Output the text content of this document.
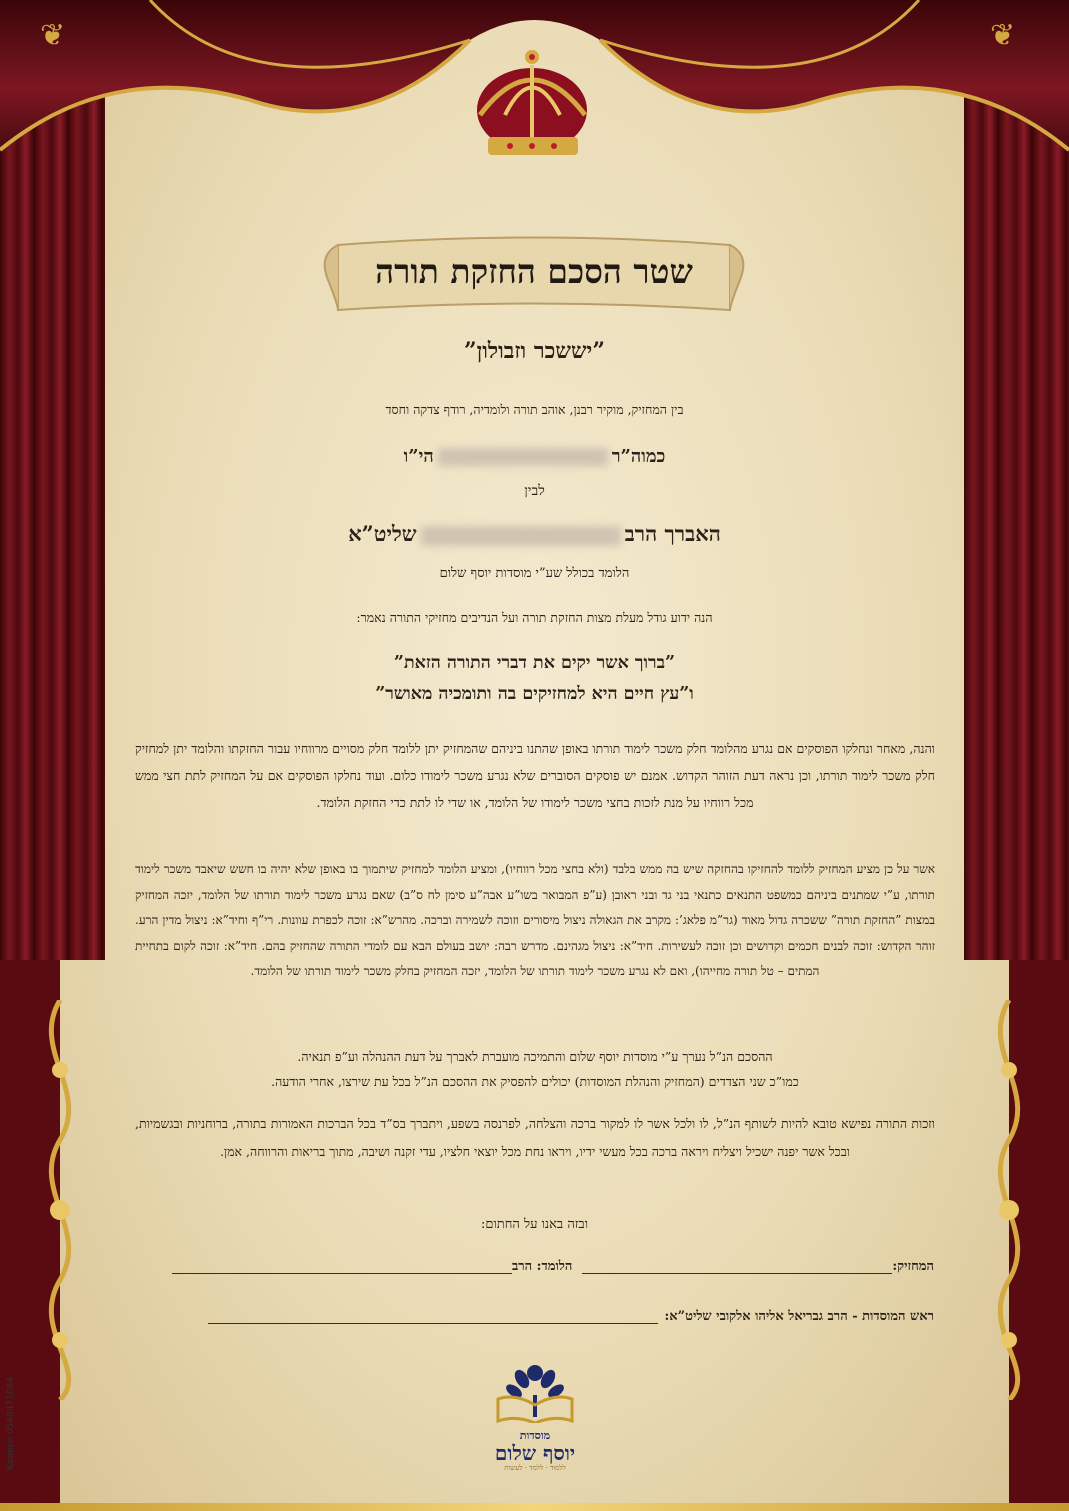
❦	❦
שטר הסכם החזקת תורה
”יששכר וזבולון”
בין המחזיק, מוקיר רבנן, אוהב תורה ולומדיה, רודף צדקה וחסד
כמוה”רהי”ו
לבין
האברך הרבשליט”א
הלומד בכולל שע”י מוסדות יוסף שלום
הנה ידוע גודל מעלת מצות החזקת תורה ועל הנדיבים מחזיקי התורה נאמר:
”ברוך אשר יקים את דברי התורה הזאת”
ו”עץ חיים היא למחזיקים בה ותומכיה מאושר”
והנה, מאחר ונחלקו הפוסקים אם נגרע מהלומד חלק משכר לימוד תורתו באופן שהתנו ביניהם שהמחזיק יתן ללומד חלק מסויים מרווחיו עבור החזקתו והלומד יתן למחזיק חלק משכר לימוד תורתו, וכן נראה דעת הזוהר הקדוש. אמנם יש פוסקים הסוברים שלא נגרע משכר לימודו כלום. ועוד נחלקו הפוסקים אם על המחזיק לתת חצי ממש מכל רווחיו על מנת לזכות בחצי משכר לימודו של הלומד, או שדי לו לתת כדי החזקת הלומד.
אשר על כן מציע המחזיק ללומד להחזיקו בהחזקה שיש בה ממש בלבד (ולא בחצי מכל רווחיו), ומציע הלומד למחזיק שיתמוך בו באופן שלא יהיה בו חשש שיאבד משכר לימוד תורתו, ע”י שמתנים ביניהם כמשפט התנאים כתנאי בני גד ובני ראובן (ע”פ המבואר בשו”ע אבה”ע סימן לח ס”ב) שאם נגרע משכר לימוד תורתו של הלומד, יזכה המחזיק במצות ”החזקת תורה” ששכרה גדול מאוד (גר”מ פלאג’: מקרב את הגאולה ניצול מיסורים וזוכה לשמירה וברכה. מהרש”א: זוכה לכפרת עוונות. רי”ף וחיד”א: ניצול מדין הרע. זוהר הקדוש: זוכה לבנים חכמים וקדושים וכן זוכה לעשירות. חיד”א: ניצול מגהינם. מדרש רבה: יושב בעולם הבא עם לומדי התורה שהחזיק בהם. חיד”א: זוכה לקום בתחיית המתים – טל תורה מחייהו), ואם לא נגרע משכר לימוד תורתו של הלומד, יזכה המחזיק בחלק משכר לימוד תורתו של הלומד.
ההסכם הנ”ל נערך ע”י מוסדות יוסף שלום והתמיכה מועברת לאברך על דעת ההנהלה וע”פ תנאיה.
כמו”כ שני הצדדים (המחזיק והנהלת המוסדות) יכולים להפסיק את ההסכם הנ”ל בכל עת שירצו, אחרי הודעה.
וזכות התורה נפישא טובא להיות לשותף הנ”ל, לו ולכל אשר לו למקור ברכה והצלחה, לפרנסה בשפע, ויתברך בס”ד בכל הברכות האמורות בתורה, ברוחניות ובגשמיות, ובכל אשר יפנה ישכיל ויצליח ויראה ברכה בכל מעשי ידיו, ויראו נחת מכל יוצאי חלציו, עדי זקנה ושיבה, מתוך בריאות והרווחה, אמן.
ובזה באנו על החתום:
המחזיק:
הלומד: הרב
ראש המוסדות - הרב גבריאל אליהו אלקובי שליט”א:
מוסדות
יוסף שלום
ללמוד · ללמד · לעשות
Kadesh 0548471084
